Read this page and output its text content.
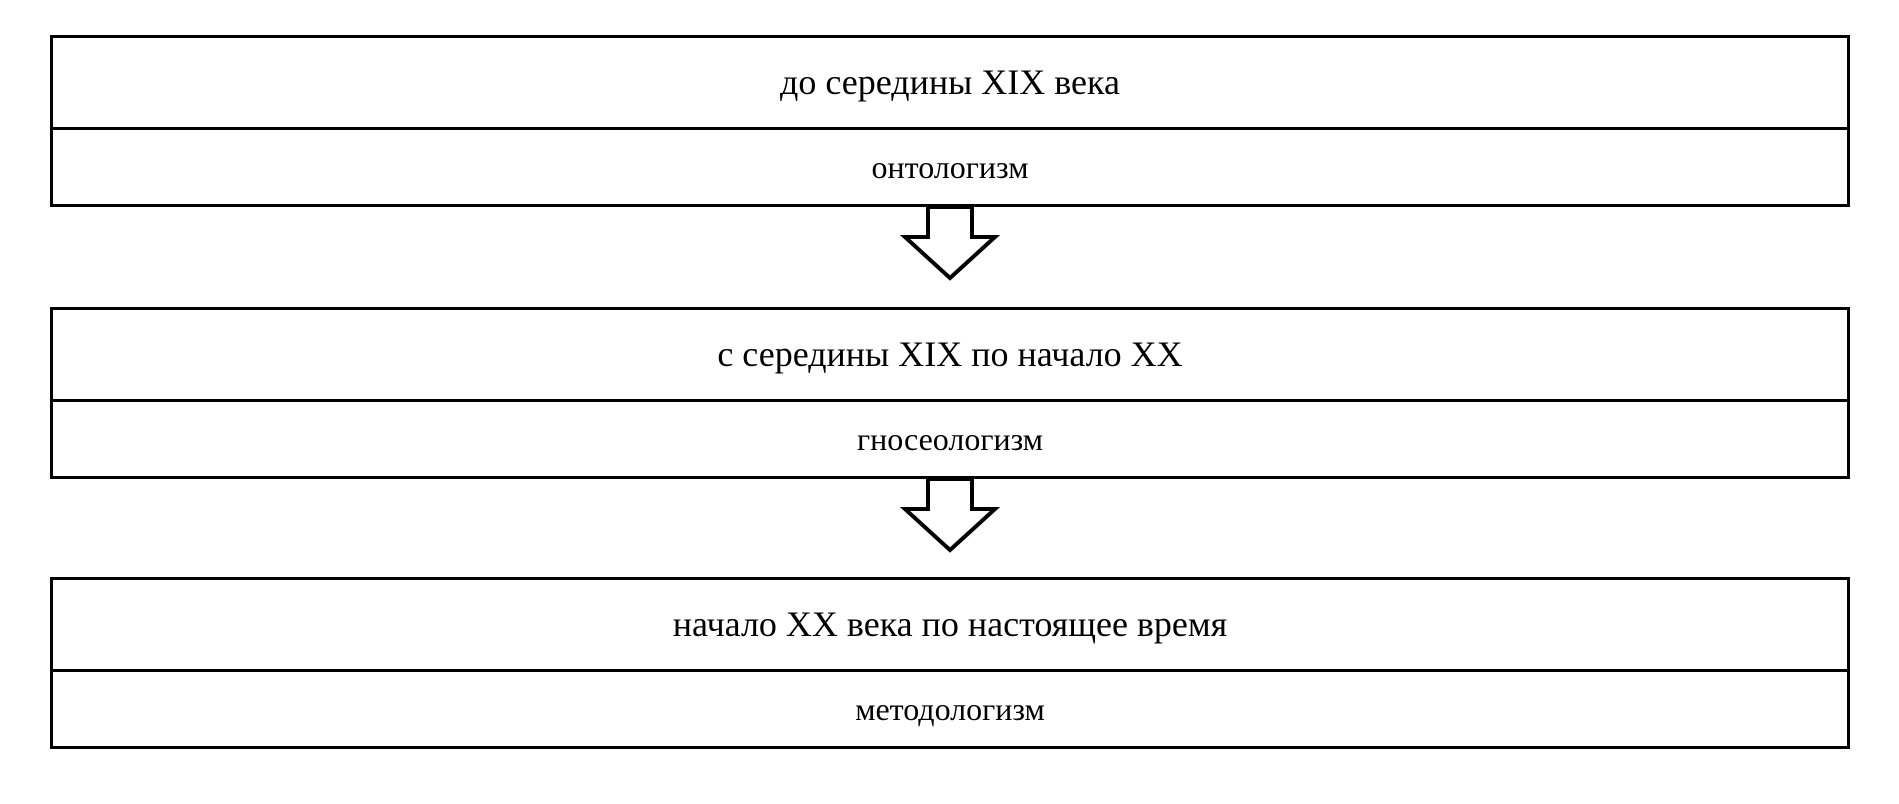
до середины XIX века
онтологизм
с середины XIX по начало XX
гносеологизм
начало XX века по настоящее время
методологизм
